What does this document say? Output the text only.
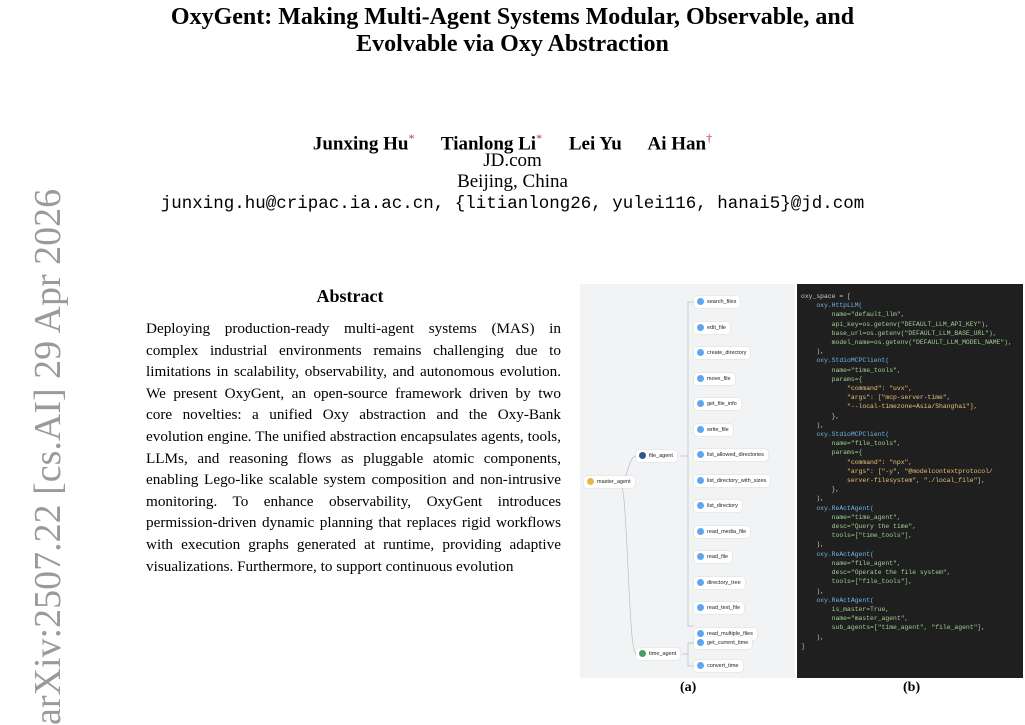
OxyGent: Making Multi-Agent Systems Modular, Observable, and
Evolvable via Oxy Abstraction
Junxing Hu* Tianlong Li* Lei Yu Ai Han†
JD.com
Beijing, China
junxing.hu@cripac.ia.ac.cn, {litianlong26, yulei116, hanai5}@jd.com
arXiv:2507.22 [cs.AI] 29 Apr 2026	Abstract
Deploying production-ready multi-agent systems (MAS) in complex industrial environments remains challenging due to limitations in scalability, observability, and autonomous evolution. We present OxyGent, an open-source framework driven by two core novelties: a unified Oxy abstraction and the Oxy-Bank evolution engine. The unified abstraction encapsulates agents, tools, LLMs, and reasoning flows as pluggable atomic components, enabling Lego-like scalable system composition and non-intrusive monitoring. To enhance observability, OxyGent introduces permission-driven dynamic planning that replaces rigid workflows with execution graphs generated at runtime, providing adaptive visualizations. Furthermore, to support continuous evolution
master_agent
file_agent
time_agent
search_files
edit_file
create_directory
move_file
get_file_info
write_file
list_allowed_directories
list_directory_with_sizes
list_directory
read_media_file
read_file
directory_tree
read_text_file
read_multiple_files
get_current_time
convert_time
(a)
oxy_space = [
oxy.HttpLLM(
name="default_llm",
api_key=os.getenv("DEFAULT_LLM_API_KEY"),
base_url=os.getenv("DEFAULT_LLM_BASE_URL"),
model_name=os.getenv("DEFAULT_LLM_MODEL_NAME"),
),
oxy.StdioMCPClient(
name="time_tools",
params={
"command": "uvx",
"args": ["mcp-server-time",
"--local-timezone=Asia/Shanghai"],
},
),
oxy.StdioMCPClient(
name="file_tools",
params={
"command": "npx",
"args": ["-y", "@modelcontextprotocol/
server-filesystem", "./local_file"],
},
),
oxy.ReActAgent(
name="time_agent",
desc="Query the time",
tools=["time_tools"],
),
oxy.ReActAgent(
name="file_agent",
desc="Operate the file system",
tools=["file_tools"],
),
oxy.ReActAgent(
is_master=True,
name="master_agent",
sub_agents=["time_agent", "file_agent"],
),
]
(b)
